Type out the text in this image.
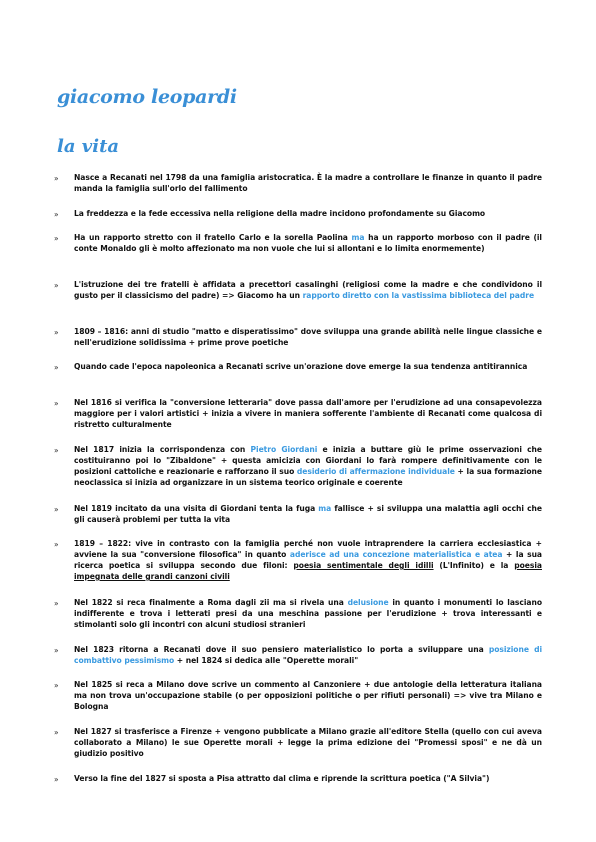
giacomo leopardi
la vita
»	Nasce a Recanati nel 1798 da una famiglia aristocratica. È la madre a controllare le finanze in quanto il padre manda la famiglia sull'orlo del fallimento
»	La freddezza e la fede eccessiva nella religione della madre incidono profondamente su Giacomo
»	Ha un rapporto stretto con il fratello Carlo e la sorella Paolina ma ha un rapporto morboso con il padre (il conte Monaldo gli è molto affezionato ma non vuole che lui si allontani e lo limita enormemente)
»	L'istruzione dei tre fratelli è affidata a precettori casalinghi (religiosi come la madre e che condividono il gusto per il classicismo del padre) => Giacomo ha un rapporto diretto con la vastissima biblioteca del padre
»	1809 – 1816: anni di studio "matto e disperatissimo" dove sviluppa una grande abilità nelle lingue classiche e nell'erudizione solidissima + prime prove poetiche
»	Quando cade l'epoca napoleonica a Recanati scrive un'orazione dove emerge la sua tendenza antitirannica
»	Nel 1816 si verifica la "conversione letteraria" dove passa dall'amore per l'erudizione ad una consapevolezza maggiore per i valori artistici + inizia a vivere in maniera sofferente l'ambiente di Recanati come qualcosa di ristretto culturalmente
»	Nel 1817 inizia la corrispondenza con Pietro Giordani e inizia a buttare giù le prime osservazioni che costituiranno poi lo "Zibaldone" + questa amicizia con Giordani lo farà rompere definitivamente con le posizioni cattoliche e reazionarie e rafforzano il suo desiderio di affermazione individuale + la sua formazione neoclassica si inizia ad organizzare in un sistema teorico originale e coerente
»	Nel 1819 incitato da una visita di Giordani tenta la fuga ma fallisce + si sviluppa una malattia agli occhi che gli causerà problemi per tutta la vita
»	1819 – 1822: vive in contrasto con la famiglia perché non vuole intraprendere la carriera ecclesiastica + avviene la sua "conversione filosofica" in quanto aderisce ad una concezione materialistica e atea + la sua ricerca poetica si sviluppa secondo due filoni: poesia sentimentale degli idilli (L'Infinito) e la poesia impegnata delle grandi canzoni civili
»	Nel 1822 si reca finalmente a Roma dagli zii ma si rivela una delusione in quanto i monumenti lo lasciano indifferente e trova i letterati presi da una meschina passione per l'erudizione + trova interessanti e stimolanti solo gli incontri con alcuni studiosi stranieri
»	Nel 1823 ritorna a Recanati dove il suo pensiero materialistico lo porta a sviluppare una posizione di combattivo pessimismo + nel 1824 si dedica alle "Operette morali"
»	Nel 1825 si reca a Milano dove scrive un commento al Canzoniere + due antologie della letteratura italiana ma non trova un'occupazione stabile (o per opposizioni politiche o per rifiuti personali) => vive tra Milano e Bologna
»	Nel 1827 si trasferisce a Firenze + vengono pubblicate a Milano grazie all'editore Stella (quello con cui aveva collaborato a Milano) le sue Operette morali + legge la prima edizione dei "Promessi sposi" e ne dà un giudizio positivo
»	Verso la fine del 1827 si sposta a Pisa attratto dal clima e riprende la scrittura poetica ("A Silvia")
